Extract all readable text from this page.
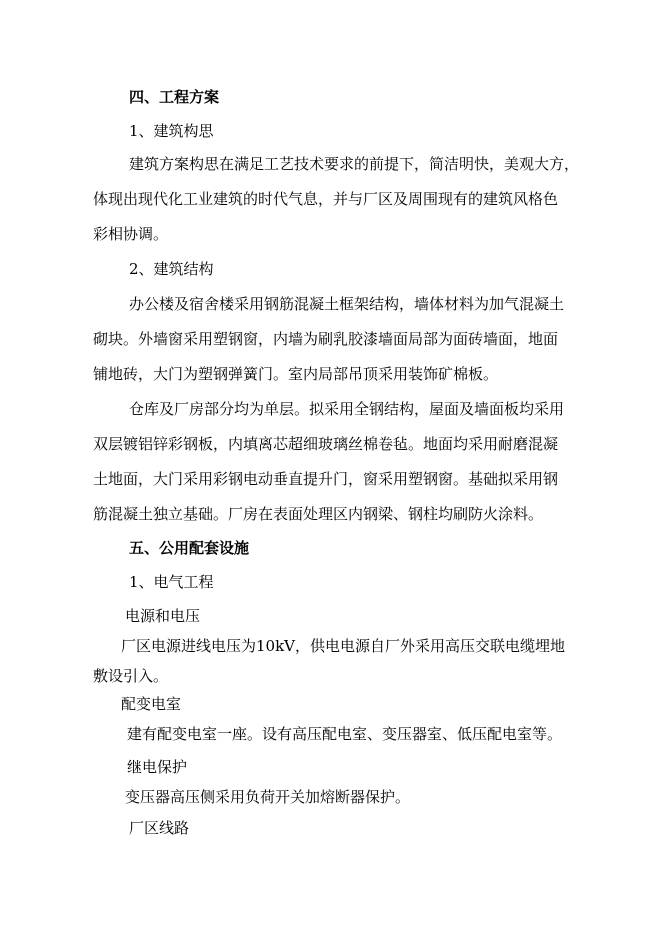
四、工程方案
1、建筑构思
建筑方案构思在满足工艺技术要求的前提下，简洁明快，美观大方，
体现出现代化工业建筑的时代气息，并与厂区及周围现有的建筑风格色
彩相协调。
2、建筑结构
办公楼及宿舍楼采用钢筋混凝土框架结构，墙体材料为加气混凝土
砌块。外墙窗采用塑钢窗，内墙为刷乳胶漆墙面局部为面砖墙面，地面
铺地砖，大门为塑钢弹簧门。室内局部吊顶采用装饰矿棉板。
仓库及厂房部分均为单层。拟采用全钢结构，屋面及墙面板均采用
双层镀铝锌彩钢板，内填离芯超细玻璃丝棉卷毡。地面均采用耐磨混凝
土地面，大门采用彩钢电动垂直提升门，窗采用塑钢窗。基础拟采用钢
筋混凝土独立基础。厂房在表面处理区内钢梁、钢柱均刷防火涂料。
五、公用配套设施
1、电气工程
电源和电压
厂区电源进线电压为10kV，供电电源自厂外采用高压交联电缆埋地
敷设引入。
配变电室
建有配变电室一座。设有高压配电室、变压器室、低压配电室等。
继电保护
变压器高压侧采用负荷开关加熔断器保护。
厂区线路
